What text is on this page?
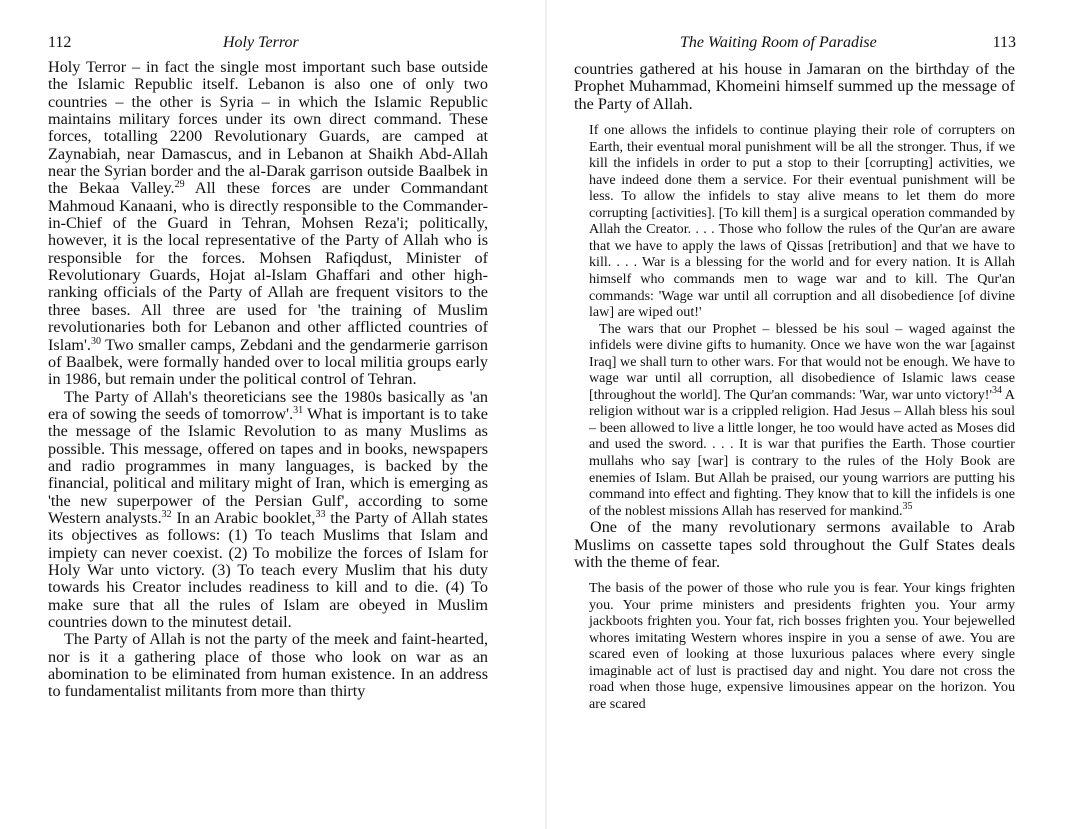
112	Holy Terror

Holy Terror – in fact the single most important such base outside the Islamic Republic itself. Lebanon is also one of only two countries – the other is Syria – in which the Islamic Republic maintains military forces under its own direct command. These forces, totalling 2200 Revolutionary Guards, are camped at Zaynabiah, near Damascus, and in Lebanon at Shaikh Abd-Allah near the Syrian border and the al-Darak garrison outside Baalbek in the Bekaa Valley.$^{29}$ All these forces are under Commandant Mahmoud Kanaani, who is directly responsible to the Commander-in-Chief of the Guard in Tehran, Mohsen Reza'i; politically, however, it is the local representative of the Party of Allah who is responsible for the forces. Mohsen Rafiqdust, Minister of Revolutionary Guards, Hojat al-Islam Ghaffari and other high-ranking officials of the Party of Allah are frequent visitors to the three bases. All three are used for 'the training of Muslim revolutionaries both for Lebanon and other afflicted countries of Islam'.$^{30}$ Two smaller camps, Zebdani and the gendarmerie garrison of Baalbek, were formally handed over to local militia groups early in 1986, but remain under the political control of Tehran.

The Party of Allah's theoreticians see the 1980s basically as 'an era of sowing the seeds of tomorrow'.$^{31}$ What is important is to take the message of the Islamic Revolution to as many Muslims as possible. This message, offered on tapes and in books, newspapers and radio programmes in many languages, is backed by the financial, political and military might of Iran, which is emerging as 'the new superpower of the Persian Gulf', according to some Western analysts.$^{32}$ In an Arabic booklet,$^{33}$ the Party of Allah states its objectives as follows: (1) To teach Muslims that Islam and impiety can never coexist. (2) To mobilize the forces of Islam for Holy War unto victory. (3) To teach every Muslim that his duty towards his Creator includes readiness to kill and to die. (4) To make sure that all the rules of Islam are obeyed in Muslim countries down to the minutest detail.

The Party of Allah is not the party of the meek and faint-hearted, nor is it a gathering place of those who look on war as an abomination to be eliminated from human existence. In an address to fundamentalist militants from more than thirty

The Waiting Room of Paradise	113

countries gathered at his house in Jamaran on the birthday of the Prophet Muhammad, Khomeini himself summed up the message of the Party of Allah.

If one allows the infidels to continue playing their role of corrupters on Earth, their eventual moral punishment will be all the stronger. Thus, if we kill the infidels in order to put a stop to their [corrupting] activities, we have indeed done them a service. For their eventual punishment will be less. To allow the infidels to stay alive means to let them do more corrupting [activities]. [To kill them] is a surgical operation commanded by Allah the Creator. . . . Those who follow the rules of the Qur'an are aware that we have to apply the laws of Qissas [retribution] and that we have to kill. . . . War is a blessing for the world and for every nation. It is Allah himself who commands men to wage war and to kill. The Qur'an commands: 'Wage war until all corruption and all disobedience [of divine law] are wiped out!'

The wars that our Prophet – blessed be his soul – waged against the infidels were divine gifts to humanity. Once we have won the war [against Iraq] we shall turn to other wars. For that would not be enough. We have to wage war until all corruption, all disobedience of Islamic laws cease [throughout the world]. The Qur'an commands: 'War, war unto $victory!'^{34}$ A religion without war is a crippled religion. Had Jesus – Allah bless his soul – been allowed to live a little longer, he too would have acted as Moses did and used the sword. . . . It is war that purifies the Earth. Those courtier mullahs who say [war] is contrary to the rules of the Holy Book are enemies of Islam. But Allah be praised, our young warriors are putting his command into effect and fighting. They know that to kill the infidels is one of the noblest missions Allah has reserved for mankind.$^{35}$

One of the many revolutionary sermons available to Arab Muslims on cassette tapes sold throughout the Gulf States deals with the theme of fear.

The basis of the power of those who rule you is fear. Your kings frighten you. Your prime ministers and presidents frighten you. Your army jackboots frighten you. Your fat, rich bosses frighten you. Your bejewelled whores imitating Western whores inspire in you a sense of awe. You are scared even of looking at those luxurious palaces where every single imaginable act of lust is practised day and night. You dare not cross the road when those huge, expensive limousines appear on the horizon. You are scared
